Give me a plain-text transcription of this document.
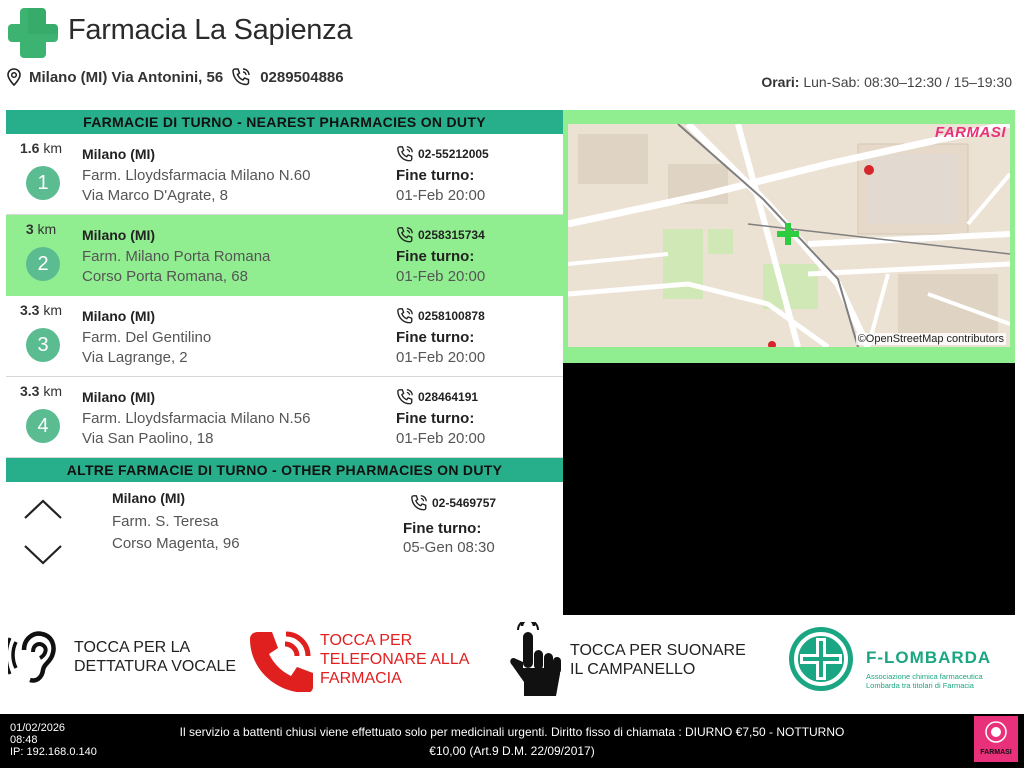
Farmacia La Sapienza
Milano (MI) Via Antonini, 56 0289504886	Orari: Lun-Sab: 08:30–12:30 / 15–19:30
FARMACIE DI TURNO - NEAREST PHARMACIES ON DUTY
1.6 km
1
Milano (MI)
Farm. Lloydsfarmacia Milano N.60
Via Marco D'Agrate, 8
02-55212005
Fine turno:
01-Feb 20:00
3 km
2
Milano (MI)
Farm. Milano Porta Romana
Corso Porta Romana, 68
0258315734
Fine turno:
01-Feb 20:00
3.3 km
3
Milano (MI)
Farm. Del Gentilino
Via Lagrange, 2
0258100878
Fine turno:
01-Feb 20:00
3.3 km
4
Milano (MI)
Farm. Lloydsfarmacia Milano N.56
Via San Paolino, 18
028464191
Fine turno:
01-Feb 20:00
ALTRE FARMACIE DI TURNO - OTHER PHARMACIES ON DUTY
Milano (MI)
Farm. S. Teresa
Corso Magenta, 96
02-5469757
Fine turno:
05-Gen 08:30
FARMASI
©OpenStreetMap contributors
TOCCA PER LA
DETTATURA VOCALE
TOCCA PER
TELEFONARE ALLA
FARMACIA
TOCCA PER SUONARE
IL CAMPANELLO
F-LOMBARDA
Associazione chimica farmaceutica
Lombarda tra titolari di Farmacia
01/02/2026
08:48
IP: 192.168.0.140
Il servizio a battenti chiusi viene effettuato solo per medicinali urgenti. Diritto fisso di chiamata : DIURNO €7,50 - NOTTURNO
€10,00 (Art.9 D.M. 22/09/2017)	FARMASI
